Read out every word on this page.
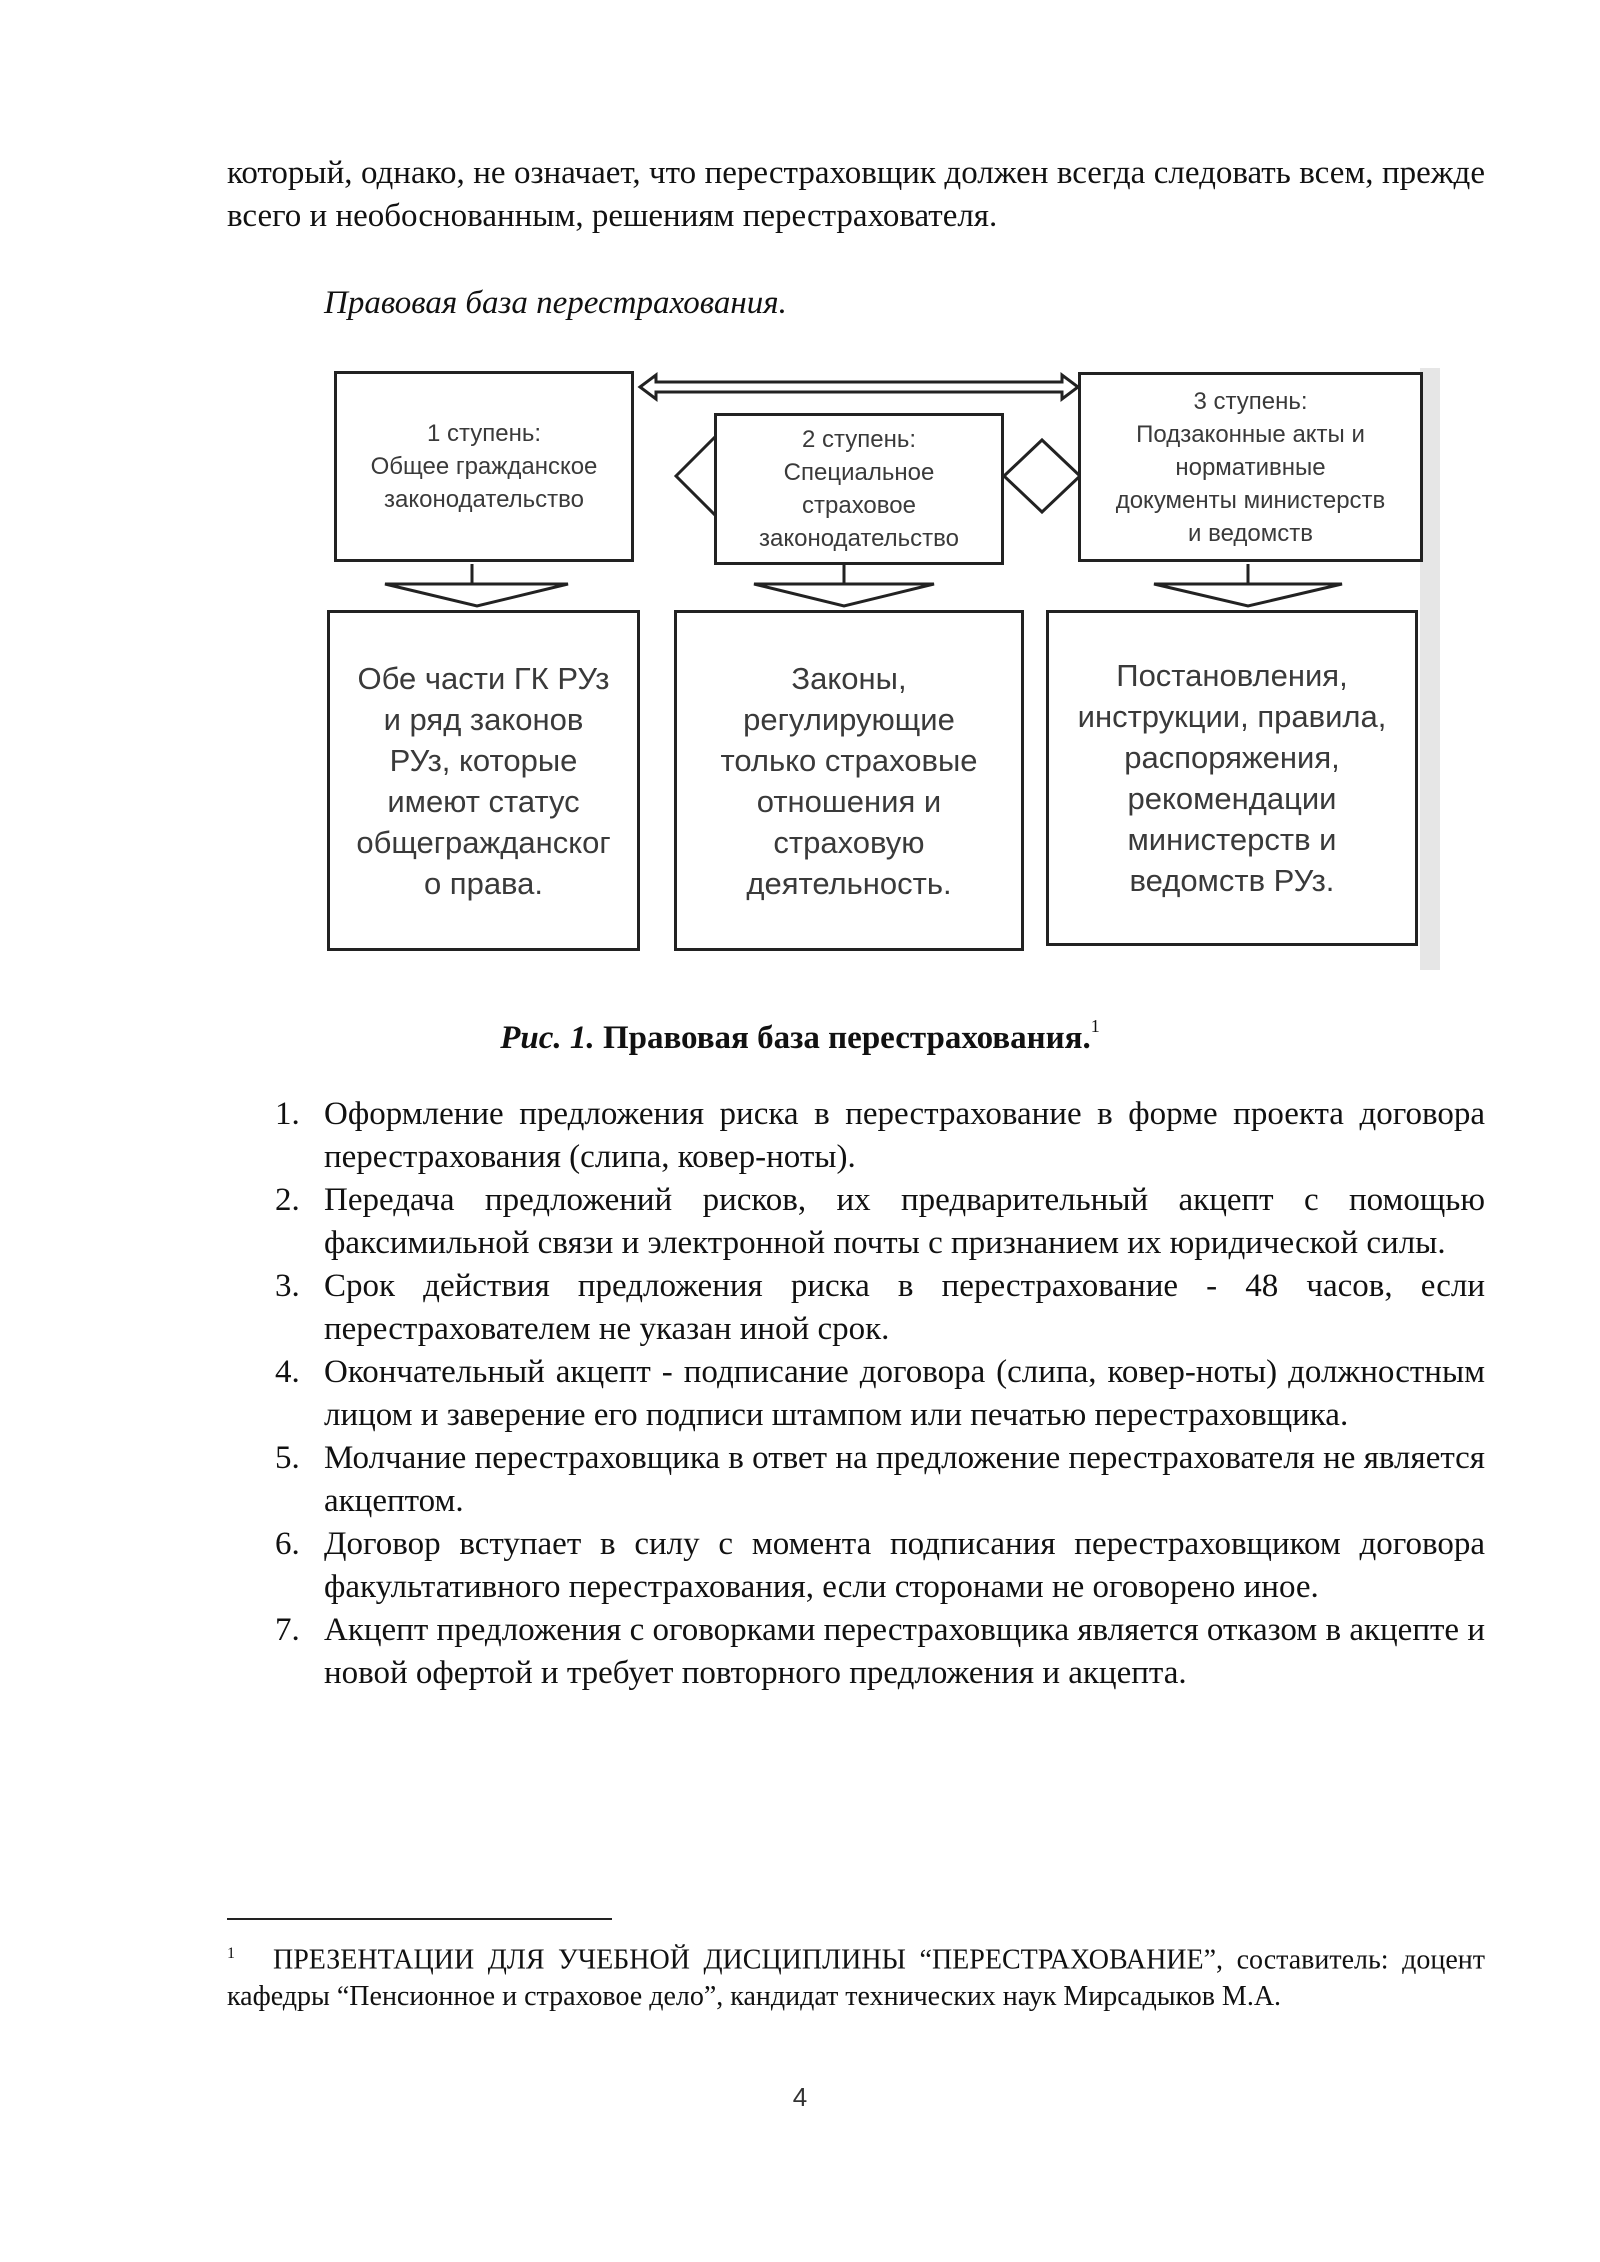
который, однако, не означает, что перестраховщик должен всегда следовать всем, прежде всего и необоснованным, решениям перестрахователя.
Правовая база перестрахования.
1 ступень:
Общее гражданское
законодательство
2 ступень:
Специальное
страховое
законодательство
3 ступень:
Подзаконные акты и
нормативные
документы министерств
и ведомств
Обе части ГК РУз
и ряд законов
РУз, которые
имеют статус
общегражданског
о права.
Законы,
регулирующие
только страховые
отношения и
страховую
деятельность.
Постановления,
инструкции, правила,
распоряжения,
рекомендации
министерств и
ведомств РУз.
Рис. 1. Правовая база перестрахования.$^1$
1. Оформление предложения риска в перестрахование в форме проекта договора перестрахования (слипа, ковер-ноты).
2. Передача предложений рисков, их предварительный акцепт с помощью факсимильной связи и электронной почты с признанием их юридической силы.
3. Срок действия предложения риска в перестрахование - 48 часов, если перестрахователем не указан иной срок.
4. Окончательный акцепт - подписание договора (слипа, ковер-ноты) должностным лицом и заверение его подписи штампом или печатью перестраховщика.
5. Молчание перестраховщика в ответ на предложение перестрахователя не является акцептом.
6. Договор вступает в силу с момента подписания перестраховщиком договора факультативного перестрахования, если сторонами не оговорено иное.
7. Акцепт предложения с оговорками перестраховщика является отказом в акцепте и новой офертой и требует повторного предложения и акцепта.
$^1$ ПРЕЗЕНТАЦИИ ДЛЯ УЧЕБНОЙ ДИСЦИПЛИНЫ “ПЕРЕСТРАХОВАНИЕ”, составитель: доцент кафедры “Пенсионное и страховое дело”, кандидат технических наук Мирсадыков М.А.
4
